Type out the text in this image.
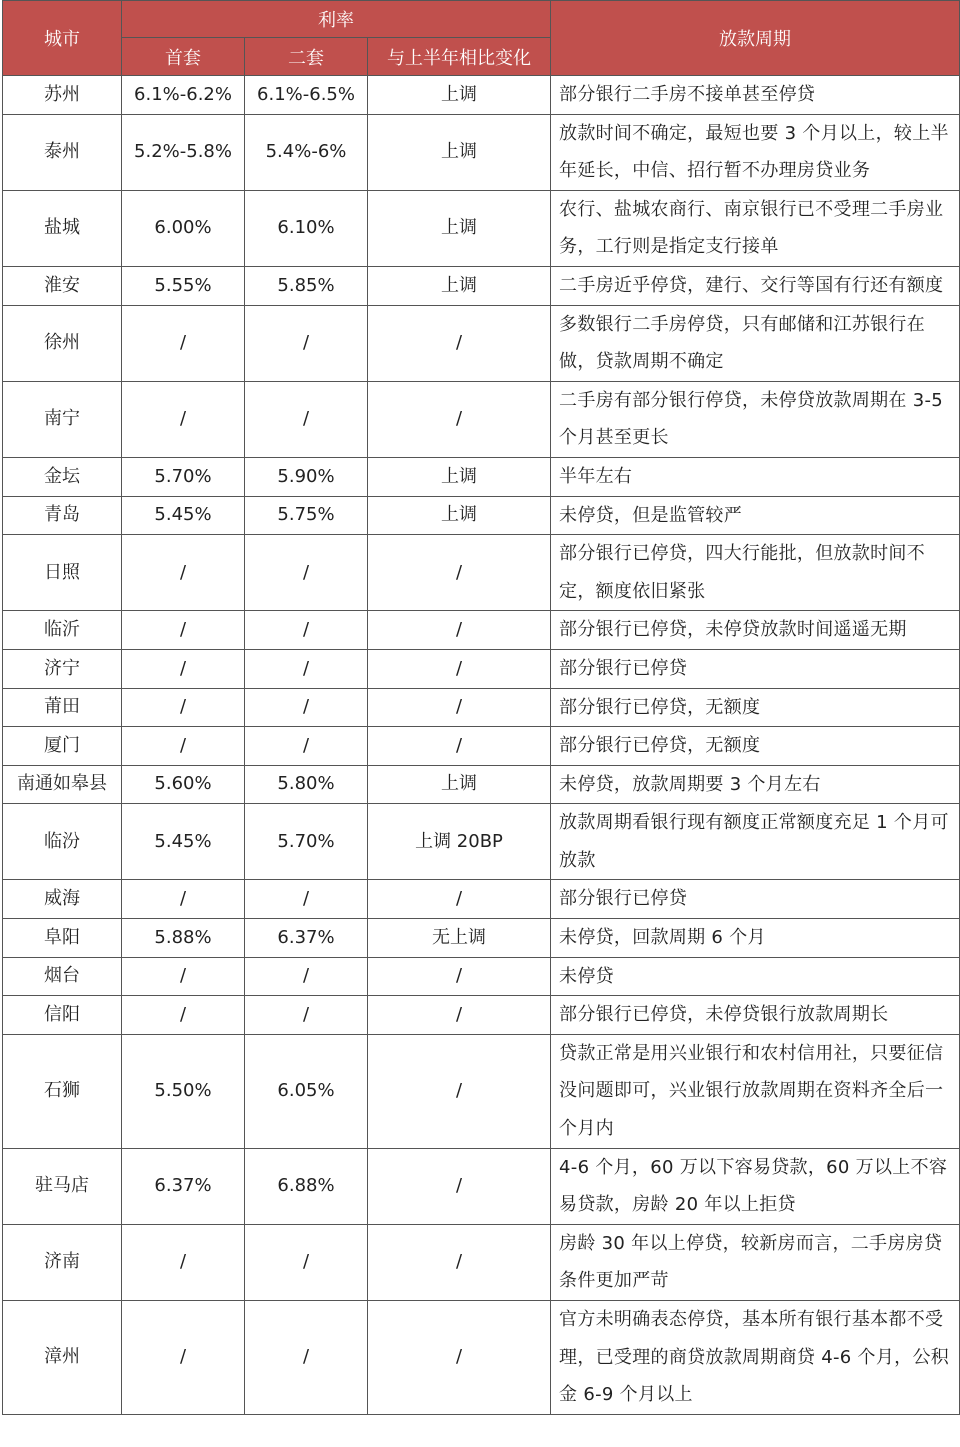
城市	利率			放款周期
	首套	二套	与上半年相比变化	
苏州	6.1%-6.2%	6.1%-6.5%	上调	部分银行二手房不接单甚至停贷
泰州	5.2%-5.8%	5.4%-6%	上调	放款时间不确定，最短也要 3 个月以上，较上半年延长，中信、招行暂不办理房贷业务
盐城	6.00%	6.10%	上调	农行、盐城农商行、南京银行已不受理二手房业务，工行则是指定支行接单
淮安	5.55%	5.85%	上调	二手房近乎停贷，建行、交行等国有行还有额度
徐州	/	/	/	多数银行二手房停贷，只有邮储和江苏银行在做，贷款周期不确定
南宁	/	/	/	二手房有部分银行停贷，未停贷放款周期在 3-5 个月甚至更长
金坛	5.70%	5.90%	上调	半年左右
青岛	5.45%	5.75%	上调	未停贷，但是监管较严
日照	/	/	/	部分银行已停贷，四大行能批，但放款时间不定，额度依旧紧张
临沂	/	/	/	部分银行已停贷，未停贷放款时间遥遥无期
济宁	/	/	/	部分银行已停贷
莆田	/	/	/	部分银行已停贷，无额度
厦门	/	/	/	部分银行已停贷，无额度
南通如皋县	5.60%	5.80%	上调	未停贷，放款周期要 3 个月左右
临汾	5.45%	5.70%	上调 20BP	放款周期看银行现有额度正常额度充足 1 个月可放款
威海	/	/	/	部分银行已停贷
阜阳	5.88%	6.37%	无上调	未停贷，回款周期 6 个月
烟台	/	/	/	未停贷
信阳	/	/	/	部分银行已停贷，未停贷银行放款周期长
石狮	5.50%	6.05%	/	贷款正常是用兴业银行和农村信用社，只要征信没问题即可，兴业银行放款周期在资料齐全后一个月内
驻马店	6.37%	6.88%	/	4-6 个月，60 万以下容易贷款，60 万以上不容易贷款，房龄 20 年以上拒贷
济南	/	/	/	房龄 30 年以上停贷，较新房而言，二手房房贷条件更加严苛
漳州	/	/	/	官方未明确表态停贷，基本所有银行基本都不受理，已受理的商贷放款周期商贷 4-6 个月，公积金 6-9 个月以上
